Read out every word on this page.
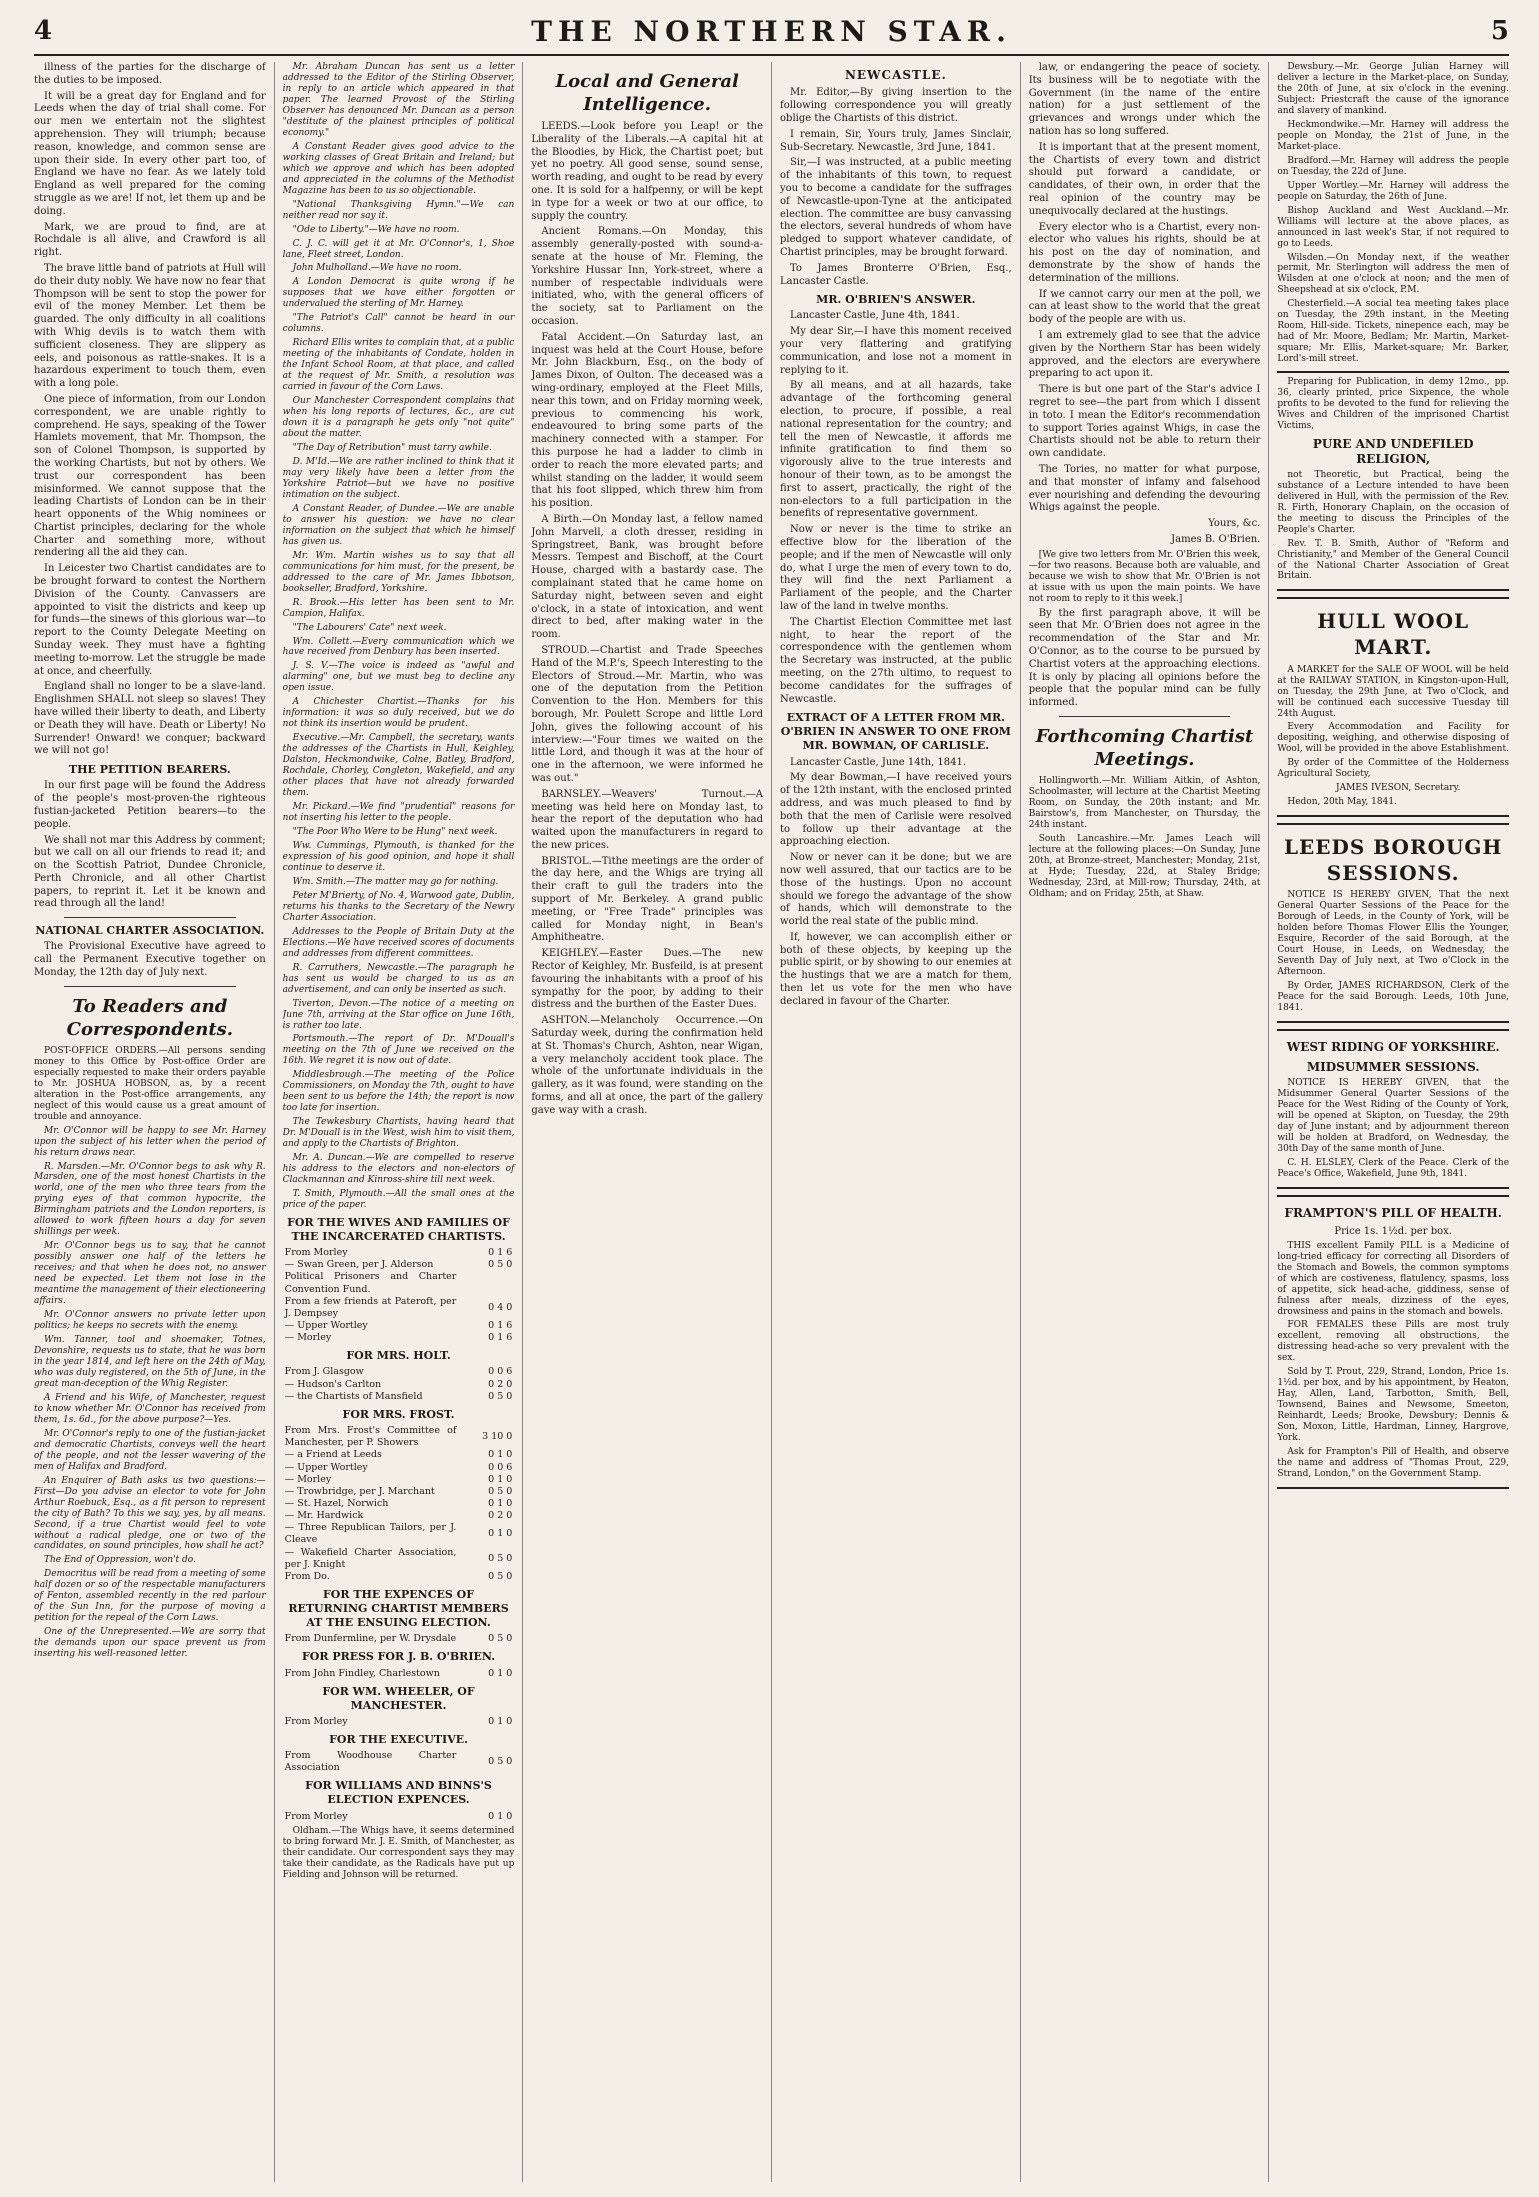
4	THE NORTHERN STAR.	5

illness of the parties for the discharge of the duties to be imposed.

It will be a great day for England and for Leeds when the day of trial shall come. For our men we entertain not the slightest apprehension. They will triumph; because reason, knowledge, and common sense are upon their side. In every other part too, of England we have no fear. As we lately told England as well prepared for the coming struggle as we are! If not, let them up and be doing.

Mark, we are proud to find, are at Rochdale is all alive, and Crawford is all right.

The brave little band of patriots at Hull will do their duty nobly. We have now no fear that Thompson will be sent to stop the power for evil of the money Member. Let them be guarded. The only difficulty in all coalitions with Whig devils is to watch them with sufficient closeness. They are slippery as eels, and poisonous as rattle-snakes. It is a hazardous experiment to touch them, even with a long pole.

One piece of information, from our London correspondent, we are unable rightly to comprehend. He says, speaking of the Tower Hamlets movement, that Mr. Thompson, the son of Colonel Thompson, is supported by the working Chartists, but not by others. We trust our correspondent has been misinformed. We cannot suppose that the leading Chartists of London can be in their heart opponents of the Whig nominees or Chartist principles, declaring for the whole Charter and something more, without rendering all the aid they can.

In Leicester two Chartist candidates are to be brought forward to contest the Northern Division of the County. Canvassers are appointed to visit the districts and keep up for funds—the sinews of this glorious war—to report to the County Delegate Meeting on Sunday week. They must have a fighting meeting to-morrow. Let the struggle be made at once, and cheerfully.

England shall no longer to be a slave-land. Englishmen SHALL not sleep so slaves! They have willed their liberty to death, and Liberty or Death they will have. Death or Liberty! No Surrender! Onward! we conquer; backward we will not go!

THE PETITION BEARERS.

In our first page will be found the Address of the people's most-proven-the righteous fustian-jacketed Petition bearers—to the people.

We shall not mar this Address by comment; but we call on all our friends to read it; and on the Scottish Patriot, Dundee Chronicle, Perth Chronicle, and all other Chartist papers, to reprint it. Let it be known and read through all the land!

NATIONAL CHARTER ASSOCIATION.

The Provisional Executive have agreed to call the Permanent Executive together on Monday, the 12th day of July next.

To Readers and Correspondents.

POST-OFFICE ORDERS.—All persons sending money to this Office by Post-office Order are especially requested to make their orders payable to Mr. JOSHUA HOBSON, as, by a recent alteration in the Post-office arrangements, any neglect of this would cause us a great amount of trouble and annoyance.

Mr. O'Connor will be happy to see Mr. Harney upon the subject of his letter when the period of his return draws near.

R. Marsden.—Mr. O'Connor begs to ask why R. Marsden, one of the most honest Chartists in the world, one of the men who three tears from the prying eyes of that common hypocrite, the Birmingham patriots and the London reporters, is allowed to work fifteen hours a day for seven shillings per week.

Mr. O'Connor begs us to say, that he cannot possibly answer one half of the letters he receives; and that when he does not, no answer need be expected. Let them not lose in the meantime the management of their electioneering affairs.

Mr. O'Connor answers no private letter upon politics; he keeps no secrets with the enemy.

Wm. Tanner, tool and shoemaker, Totnes, Devonshire, requests us to state, that he was born in the year 1814, and left here on the 24th of May, who was duly registered, on the 5th of June, in the great man-deception of the Whig Register.

A Friend and his Wife, of Manchester, request to know whether Mr. O'Connor has received from them, 1s. 6d., for the above purpose?—Yes.

Mr. O'Connor's reply to one of the fustian-jacket and democratic Chartists, conveys well the heart of the people, and not the lesser wavering of the men of Halifax and Bradford.

An Enquirer of Bath asks us two questions:—First—Do you advise an elector to vote for John Arthur Roebuck, Esq., as a fit person to represent the city of Bath? To this we say, yes, by all means. Second, if a true Chartist would feel to vote without a radical pledge, one or two of the candidates, on sound principles, how shall he act?

The End of Oppression, won't do.

Democritus will be read from a meeting of some half dozen or so of the respectable manufacturers of Fenton, assembled recently in the red parlour of the Sun Inn, for the purpose of moving a petition for the repeal of the Corn Laws.

One of the Unrepresented.—We are sorry that the demands upon our space prevent us from inserting his well-reasoned letter.

Mr. Abraham Duncan has sent us a letter addressed to the Editor of the Stirling Observer, in reply to an article which appeared in that paper. The learned Provost of the Stirling Observer has denounced Mr. Duncan as a person "destitute of the plainest principles of political economy."

A Constant Reader gives good advice to the working classes of Great Britain and Ireland; but which we approve and which has been adopted and appreciated in the columns of the Methodist Magazine has been to us so objectionable.

"National Thanksgiving Hymn."—We can neither read nor say it.

"Ode to Liberty."—We have no room.

C. J. C. will get it at Mr. O'Connor's, 1, Shoe lane, Fleet street, London.

John Mulholland.—We have no room.

A London Democrat is quite wrong if he supposes that we have either forgotten or undervalued the sterling of Mr. Harney.

"The Patriot's Call" cannot be heard in our columns.

Richard Ellis writes to complain that, at a public meeting of the inhabitants of Condate, holden in the Infant School Room, at that place, and called at the request of Mr. Smith, a resolution was carried in favour of the Corn Laws.

Our Manchester Correspondent complains that when his long reports of lectures, &c., are cut down it is a paragraph he gets only "not quite" about the matter.

"The Day of Retribution" must tarry awhile.

D. M'Id.—We are rather inclined to think that it may very likely have been a letter from the Yorkshire Patriot—but we have no positive intimation on the subject.

A Constant Reader, of Dundee.—We are unable to answer his question: we have no clear information on the subject that which he himself has given us.

Mr. Wm. Martin wishes us to say that all communications for him must, for the present, be addressed to the care of Mr. James Ibbotson, bookseller, Bradford, Yorkshire.

R. Brook.—His letter has been sent to Mr. Campion, Halifax.

"The Labourers' Cate" next week.

Wm. Collett.—Every communication which we have received from Denbury has been inserted.

J. S. V.—The voice is indeed as "awful and alarming" one, but we must beg to decline any open issue.

A Chichester Chartist.—Thanks for his information: it was so duly received, but we do not think its insertion would be prudent.

Executive.—Mr. Campbell, the secretary, wants the addresses of the Chartists in Hull, Keighley, Dalston, Heckmondwike, Colne, Batley, Bradford, Rochdale, Chorley, Congleton, Wakefield, and any other places that have not already forwarded them.

Mr. Pickard.—We find "prudential" reasons for not inserting his letter to the people.

"The Poor Who Were to be Hung" next week.

Ww. Cummings, Plymouth, is thanked for the expression of his good opinion, and hope it shall continue to deserve it.

Wm. Smith.—The matter may go for nothing.

Peter M'Brierty, of No. 4, Warwood gate, Dublin, returns his thanks to the Secretary of the Newry Charter Association.

Addresses to the People of Britain Duty at the Elections.—We have received scores of documents and addresses from different committees.

R. Carruthers, Newcastle.—The paragraph he has sent us would be charged to us as an advertisement, and can only be inserted as such.

Tiverton, Devon.—The notice of a meeting on June 7th, arriving at the Star office on June 16th, is rather too late.

Portsmouth.—The report of Dr. M'Douall's meeting on the 7th of June we received on the 16th. We regret it is now out of date.

Middlesbrough.—The meeting of the Police Commissioners, on Monday the 7th, ought to have been sent to us before the 14th; the report is now too late for insertion.

The Tewkesbury Chartists, having heard that Dr. M'Douall is in the West, wish him to visit them, and apply to the Chartists of Brighton.

Mr. A. Duncan.—We are compelled to reserve his address to the electors and non-electors of Clackmannan and Kinross-shire till next week.

T. Smith, Plymouth.—All the small ones at the price of the paper.

FOR THE WIVES AND FAMILIES OF THE INCARCERATED CHARTISTS.
From Morley	0 1 6
— Swan Green, per J. Alderson	0 5 0
Political Prisoners and Charter Convention Fund.	
From a few friends at Pateroft, per J. Dempsey	0 4 0
— Upper Wortley	0 1 6
— Morley	0 1 6
FOR MRS. HOLT.
From J. Glasgow	0 0 6
— Hudson's Carlton	0 2 0
— the Chartists of Mansfield	0 5 0
FOR MRS. FROST.
From Mrs. Frost's Committee of Manchester, per P. Showers	3 10 0
— a Friend at Leeds	0 1 0
— Upper Wortley	0 0 6
— Morley	0 1 0
— Trowbridge, per J. Marchant	0 5 0
— St. Hazel, Norwich	0 1 0
— Mr. Hardwick	0 2 0
— Three Republican Tailors, per J. Cleave	0 1 0
— Wakefield Charter Association, per J. Knight	0 5 0
From Do.	0 5 0
FOR THE EXPENCES OF RETURNING CHARTIST MEMBERS AT THE ENSUING ELECTION.
From Dunfermline, per W. Drysdale	0 5 0
FOR PRESS FOR J. B. O'BRIEN.
From John Findley, Charlestown	0 1 0
FOR WM. WHEELER, OF MANCHESTER.
From Morley	0 1 0
FOR THE EXECUTIVE.
From Woodhouse Charter Association	0 5 0
FOR WILLIAMS AND BINNS'S ELECTION EXPENCES.
From Morley	0 1 0

Oldham.—The Whigs have, it seems determined to bring forward Mr. J. E. Smith, of Manchester, as their candidate. Our correspondent says they may take their candidate, as the Radicals have put up Fielding and Johnson will be returned.

Local and General Intelligence.

LEEDS.—Look before you Leap! or the Liberality of the Liberals.—A capital hit at the Bloodies, by Hick, the Chartist poet; but yet no poetry. All good sense, sound sense, worth reading, and ought to be read by every one. It is sold for a halfpenny, or will be kept in type for a week or two at our office, to supply the country.

Ancient Romans.—On Monday, this assembly generally-posted with sound-a-senate at the house of Mr. Fleming, the Yorkshire Hussar Inn, York-street, where a number of respectable individuals were initiated, who, with the general officers of the society, sat to Parliament on the occasion.

Fatal Accident.—On Saturday last, an inquest was held at the Court House, before Mr. John Blackburn, Esq., on the body of James Dixon, of Oulton. The deceased was a wing-ordinary, employed at the Fleet Mills, near this town, and on Friday morning week, previous to commencing his work, endeavoured to bring some parts of the machinery connected with a stamper. For this purpose he had a ladder to climb in order to reach the more elevated parts; and whilst standing on the ladder, it would seem that his foot slipped, which threw him from his position.

A Birth.—On Monday last, a fellow named John Marvell, a cloth dresser, residing in Springstreet, Bank, was brought before Messrs. Tempest and Bischoff, at the Court House, charged with a bastardy case. The complainant stated that he came home on Saturday night, between seven and eight o'clock, in a state of intoxication, and went direct to bed, after making water in the room.

STROUD.—Chartist and Trade Speeches Hand of the M.P.'s, Speech Interesting to the Electors of Stroud.—Mr. Martin, who was one of the deputation from the Petition Convention to the Hon. Members for this borough, Mr. Poulett Scrope and little Lord John, gives the following account of his interview:—"Four times we waited on the little Lord, and though it was at the hour of one in the afternoon, we were informed he was out."

BARNSLEY.—Weavers' Turnout.—A meeting was held here on Monday last, to hear the report of the deputation who had waited upon the manufacturers in regard to the new prices.

BRISTOL.—Tithe meetings are the order of the day here, and the Whigs are trying all their craft to gull the traders into the support of Mr. Berkeley. A grand public meeting, or "Free Trade" principles was called for Monday night, in Bean's Amphitheatre.

KEIGHLEY.—Easter Dues.—The new Rector of Keighley, Mr. Busfeild, is at present favouring the inhabitants with a proof of his sympathy for the poor, by adding to their distress and the burthen of the Easter Dues.

ASHTON.—Melancholy Occurrence.—On Saturday week, during the confirmation held at St. Thomas's Church, Ashton, near Wigan, a very melancholy accident took place. The whole of the unfortunate individuals in the gallery, as it was found, were standing on the forms, and all at once, the part of the gallery gave way with a crash.

NEWCASTLE.

Mr. Editor,—By giving insertion to the following correspondence you will greatly oblige the Chartists of this district.

I remain, Sir, Yours truly, James Sinclair, Sub-Secretary. Newcastle, 3rd June, 1841.

Sir,—I was instructed, at a public meeting of the inhabitants of this town, to request you to become a candidate for the suffrages of Newcastle-upon-Tyne at the anticipated election. The committee are busy canvassing the electors, several hundreds of whom have pledged to support whatever candidate, of Chartist principles, may be brought forward.

To James Bronterre O'Brien, Esq., Lancaster Castle.

MR. O'BRIEN'S ANSWER.

Lancaster Castle, June 4th, 1841.

My dear Sir,—I have this moment received your very flattering and gratifying communication, and lose not a moment in replying to it.

By all means, and at all hazards, take advantage of the forthcoming general election, to procure, if possible, a real national representation for the country; and tell the men of Newcastle, it affords me infinite gratification to find them so vigorously alive to the true interests and honour of their town, as to be amongst the first to assert, practically, the right of the non-electors to a full participation in the benefits of representative government.

Now or never is the time to strike an effective blow for the liberation of the people; and if the men of Newcastle will only do, what I urge the men of every town to do, they will find the next Parliament a Parliament of the people, and the Charter law of the land in twelve months.

The Chartist Election Committee met last night, to hear the report of the correspondence with the gentlemen whom the Secretary was instructed, at the public meeting, on the 27th ultimo, to request to become candidates for the suffrages of Newcastle.

EXTRACT OF A LETTER FROM MR. O'BRIEN IN ANSWER TO ONE FROM MR. BOWMAN, OF CARLISLE.

Lancaster Castle, June 14th, 1841.

My dear Bowman,—I have received yours of the 12th instant, with the enclosed printed address, and was much pleased to find by both that the men of Carlisle were resolved to follow up their advantage at the approaching election.

Now or never can it be done; but we are now well assured, that our tactics are to be those of the hustings. Upon no account should we forego the advantage of the show of hands, which will demonstrate to the world the real state of the public mind.

If, however, we can accomplish either or both of these objects, by keeping up the public spirit, or by showing to our enemies at the hustings that we are a match for them, then let us vote for the men who have declared in favour of the Charter.

law, or endangering the peace of society. Its business will be to negotiate with the Government (in the name of the entire nation) for a just settlement of the grievances and wrongs under which the nation has so long suffered.

It is important that at the present moment, the Chartists of every town and district should put forward a candidate, or candidates, of their own, in order that the real opinion of the country may be unequivocally declared at the hustings.

Every elector who is a Chartist, every non-elector who values his rights, should be at his post on the day of nomination, and demonstrate by the show of hands the determination of the millions.

If we cannot carry our men at the poll, we can at least show to the world that the great body of the people are with us.

I am extremely glad to see that the advice given by the Northern Star has been widely approved, and the electors are everywhere preparing to act upon it.

There is but one part of the Star's advice I regret to see—the part from which I dissent in toto. I mean the Editor's recommendation to support Tories against Whigs, in case the Chartists should not be able to return their own candidate.

The Tories, no matter for what purpose, and that monster of infamy and falsehood ever nourishing and defending the devouring Whigs against the people.

Yours, &c.

James B. O'Brien.

[We give two letters from Mr. O'Brien this week,—for two reasons. Because both are valuable, and because we wish to show that Mr. O'Brien is not at issue with us upon the main points. We have not room to reply to it this week.]

By the first paragraph above, it will be seen that Mr. O'Brien does not agree in the recommendation of the Star and Mr. O'Connor, as to the course to be pursued by Chartist voters at the approaching elections. It is only by placing all opinions before the people that the popular mind can be fully informed.

Forthcoming Chartist Meetings.

Hollingworth.—Mr. William Aitkin, of Ashton, Schoolmaster, will lecture at the Chartist Meeting Room, on Sunday, the 20th instant; and Mr. Bairstow's, from Manchester, on Thursday, the 24th instant.

South Lancashire.—Mr. James Leach will lecture at the following places:—On Sunday, June 20th, at Bronze-street, Manchester; Monday, 21st, at Hyde; Tuesday, 22d, at Staley Bridge; Wednesday, 23rd, at Mill-row; Thursday, 24th, at Oldham; and on Friday, 25th, at Shaw.

Dewsbury.—Mr. George Julian Harney will deliver a lecture in the Market-place, on Sunday, the 20th of June, at six o'clock in the evening. Subject: Priestcraft the cause of the ignorance and slavery of mankind.

Heckmondwike.—Mr. Harney will address the people on Monday, the 21st of June, in the Market-place.

Bradford.—Mr. Harney will address the people on Tuesday, the 22d of June.

Upper Wortley.—Mr. Harney will address the people on Saturday, the 26th of June.

Bishop Auckland and West Auckland.—Mr. Williams will lecture at the above places, as announced in last week's Star, if not required to go to Leeds.

Wilsden.—On Monday next, if the weather permit, Mr. Sterlington will address the men of Wilsden at one o'clock at noon; and the men of Sheepshead at six o'clock, P.M.

Chesterfield.—A social tea meeting takes place on Tuesday, the 29th instant, in the Meeting Room, Hill-side. Tickets, ninepence each, may be had of Mr. Moore, Bedlam; Mr. Martin, Market-square; Mr. Ellis, Market-square; Mr. Barker, Lord's-mill street.

Preparing for Publication, in demy 12mo., pp. 36, clearly printed, price Sixpence, the whole profits to be devoted to the fund for relieving the Wives and Children of the imprisoned Chartist Victims,

PURE AND UNDEFILED RELIGION,

not Theoretic, but Practical, being the substance of a Lecture intended to have been delivered in Hull, with the permission of the Rev. R. Firth, Honorary Chaplain, on the occasion of the meeting to discuss the Principles of the People's Charter.

Rev. T. B. Smith, Author of "Reform and Christianity," and Member of the General Council of the National Charter Association of Great Britain.

HULL WOOL MART.

A MARKET for the SALE OF WOOL will be held at the RAILWAY STATION, in Kingston-upon-Hull, on Tuesday, the 29th June, at Two o'Clock, and will be continued each successive Tuesday till 24th August.

Every Accommodation and Facility for depositing, weighing, and otherwise disposing of Wool, will be provided in the above Establishment.

By order of the Committee of the Holderness Agricultural Society,

JAMES IVESON, Secretary.

Hedon, 20th May, 1841.

LEEDS BOROUGH SESSIONS.

NOTICE IS HEREBY GIVEN, That the next General Quarter Sessions of the Peace for the Borough of Leeds, in the County of York, will be holden before Thomas Flower Ellis the Younger, Esquire, Recorder of the said Borough, at the Court House, in Leeds, on Wednesday, the Seventh Day of July next, at Two o'Clock in the Afternoon.

By Order, JAMES RICHARDSON, Clerk of the Peace for the said Borough. Leeds, 10th June, 1841.

WEST RIDING OF YORKSHIRE.
MIDSUMMER SESSIONS.

NOTICE IS HEREBY GIVEN, that the Midsummer General Quarter Sessions of the Peace for the West Riding of the County of York, will be opened at Skipton, on Tuesday, the 29th day of June instant; and by adjournment thereon will be holden at Bradford, on Wednesday, the 30th Day of the same month of June.

C. H. ELSLEY, Clerk of the Peace. Clerk of the Peace's Office, Wakefield, June 9th, 1841.

FRAMPTON'S PILL OF HEALTH.
Price 1s. 1½d. per box.

THIS excellent Family PILL is a Medicine of long-tried efficacy for correcting all Disorders of the Stomach and Bowels, the common symptoms of which are costiveness, flatulency, spasms, loss of appetite, sick head-ache, giddiness, sense of fulness after meals, dizziness of the eyes, drowsiness and pains in the stomach and bowels.

FOR FEMALES these Pills are most truly excellent, removing all obstructions, the distressing head-ache so very prevalent with the sex.

Sold by T. Prout, 229, Strand, London, Price 1s. 1½d. per box, and by his appointment, by Heaton, Hay, Allen, Land, Tarbotton, Smith, Bell, Townsend, Baines and Newsome, Smeeton, Reinhardt, Leeds; Brooke, Dewsbury; Dennis & Son, Moxon, Little, Hardman, Linney, Hargrove, York.

Ask for Frampton's Pill of Health, and observe the name and address of "Thomas Prout, 229, Strand, London," on the Government Stamp.
